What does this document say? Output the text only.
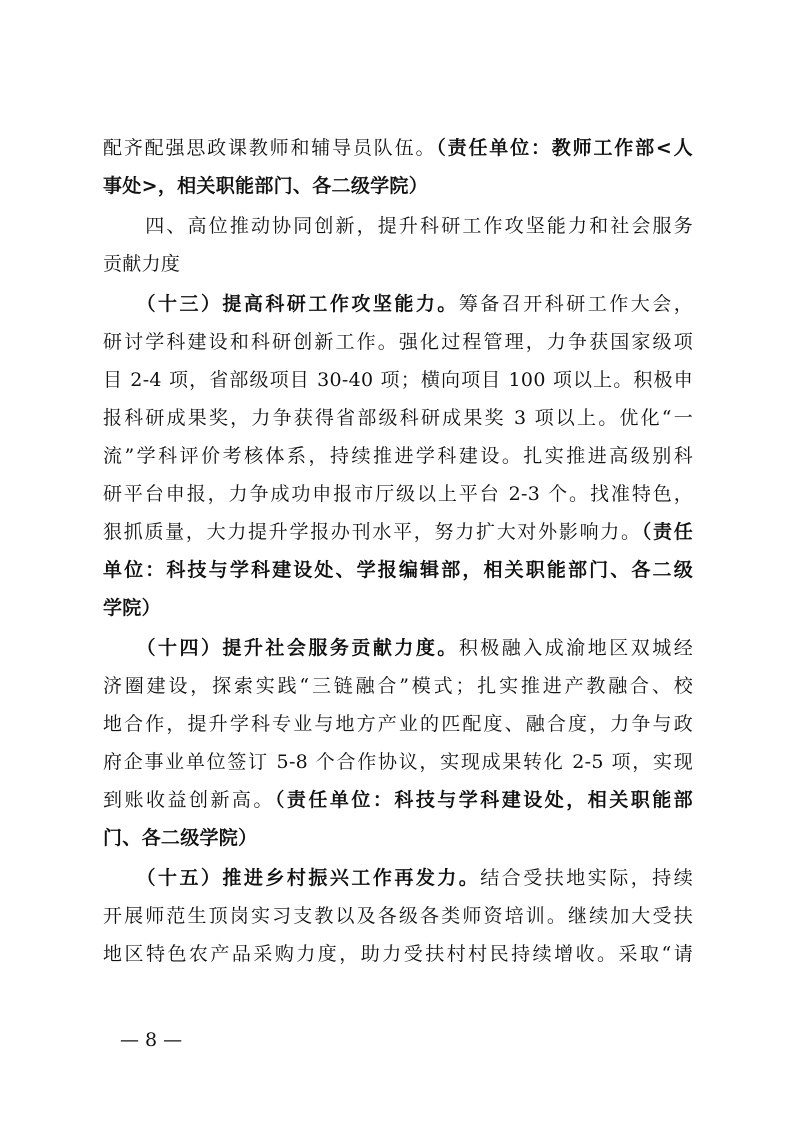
配齐配强思政课教师和辅导员队伍。（责任单位：教师工作部<人
事处>，相关职能部门、各二级学院）
　　四、高位推动协同创新，提升科研工作攻坚能力和社会服务
贡献力度
　　（十三）提高科研工作攻坚能力。筹备召开科研工作大会，
研讨学科建设和科研创新工作。强化过程管理，力争获国家级项
目 2-4 项，省部级项目 30-40 项；横向项目 100 项以上。积极申
报科研成果奖，力争获得省部级科研成果奖 3 项以上。优化“一
流”学科评价考核体系，持续推进学科建设。扎实推进高级别科
研平台申报，力争成功申报市厅级以上平台 2-3 个。找准特色，
狠抓质量，大力提升学报办刊水平，努力扩大对外影响力。（责任
单位：科技与学科建设处、学报编辑部，相关职能部门、各二级
学院）
　　（十四）提升社会服务贡献力度。积极融入成渝地区双城经
济圈建设，探索实践“三链融合”模式；扎实推进产教融合、校
地合作，提升学科专业与地方产业的匹配度、融合度，力争与政
府企事业单位签订 5-8 个合作协议，实现成果转化 2-5 项，实现
到账收益创新高。（责任单位：科技与学科建设处，相关职能部
门、各二级学院）
　　（十五）推进乡村振兴工作再发力。结合受扶地实际，持续
开展师范生顶岗实习支教以及各级各类师资培训。继续加大受扶
地区特色农产品采购力度，助力受扶村村民持续增收。采取“请
— 8 —
